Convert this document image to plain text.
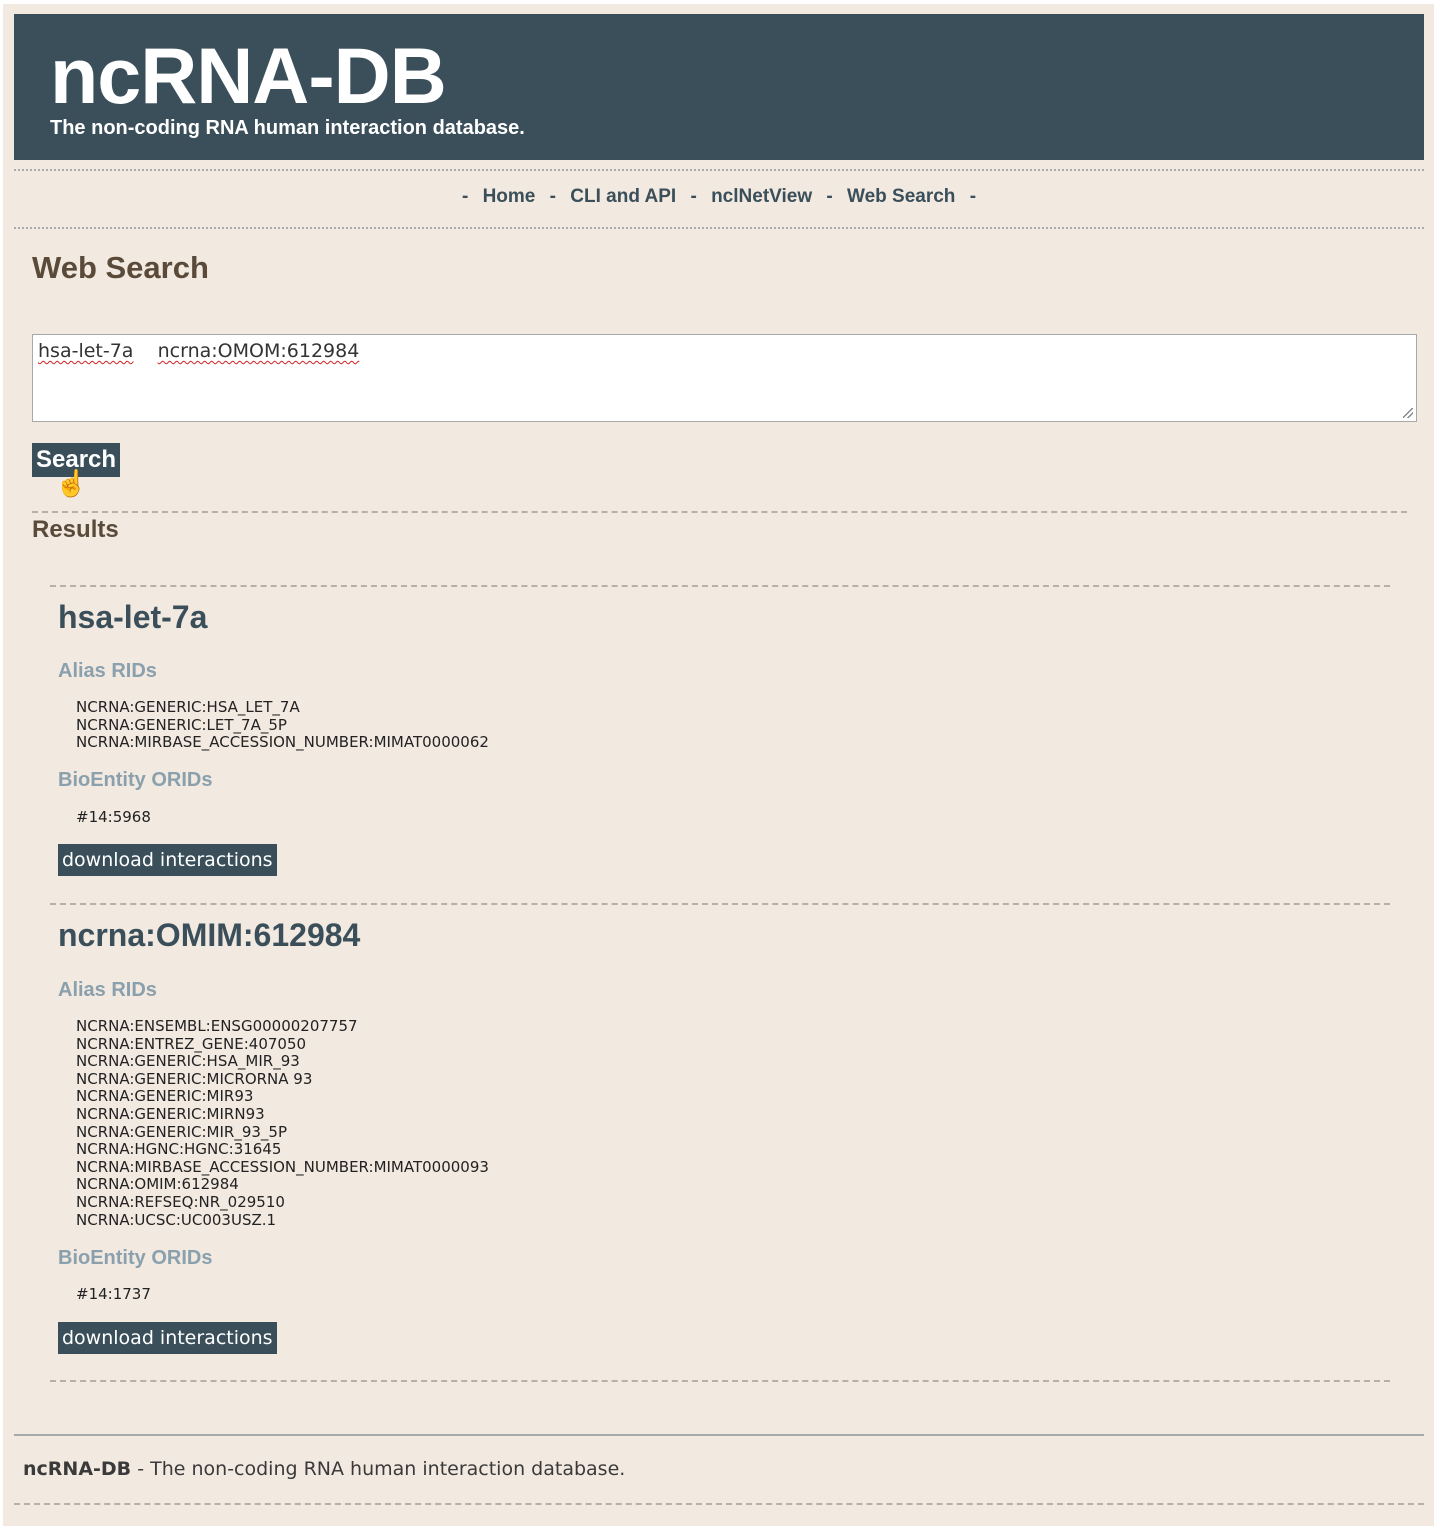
ncRNA-DB
The non-coding RNA human interaction database.
- Home - CLI and API - nclNetView - Web Search -
Web Search
hsa-let-7a ncrna:OMOM:612984
Search
☝
Results
hsa-let-7a
Alias RIDs
NCRNA:GENERIC:HSA_LET_7A
NCRNA:GENERIC:LET_7A_5P
NCRNA:MIRBASE_ACCESSION_NUMBER:MIMAT0000062
BioEntity ORIDs
#14:5968
download interactions
ncrna:OMIM:612984
Alias RIDs
NCRNA:ENSEMBL:ENSG00000207757
NCRNA:ENTREZ_GENE:407050
NCRNA:GENERIC:HSA_MIR_93
NCRNA:GENERIC:MICRORNA 93
NCRNA:GENERIC:MIR93
NCRNA:GENERIC:MIRN93
NCRNA:GENERIC:MIR_93_5P
NCRNA:HGNC:HGNC:31645
NCRNA:MIRBASE_ACCESSION_NUMBER:MIMAT0000093
NCRNA:OMIM:612984
NCRNA:REFSEQ:NR_029510
NCRNA:UCSC:UC003USZ.1
BioEntity ORIDs
#14:1737
download interactions
ncRNA-DB - The non-coding RNA human interaction database.
